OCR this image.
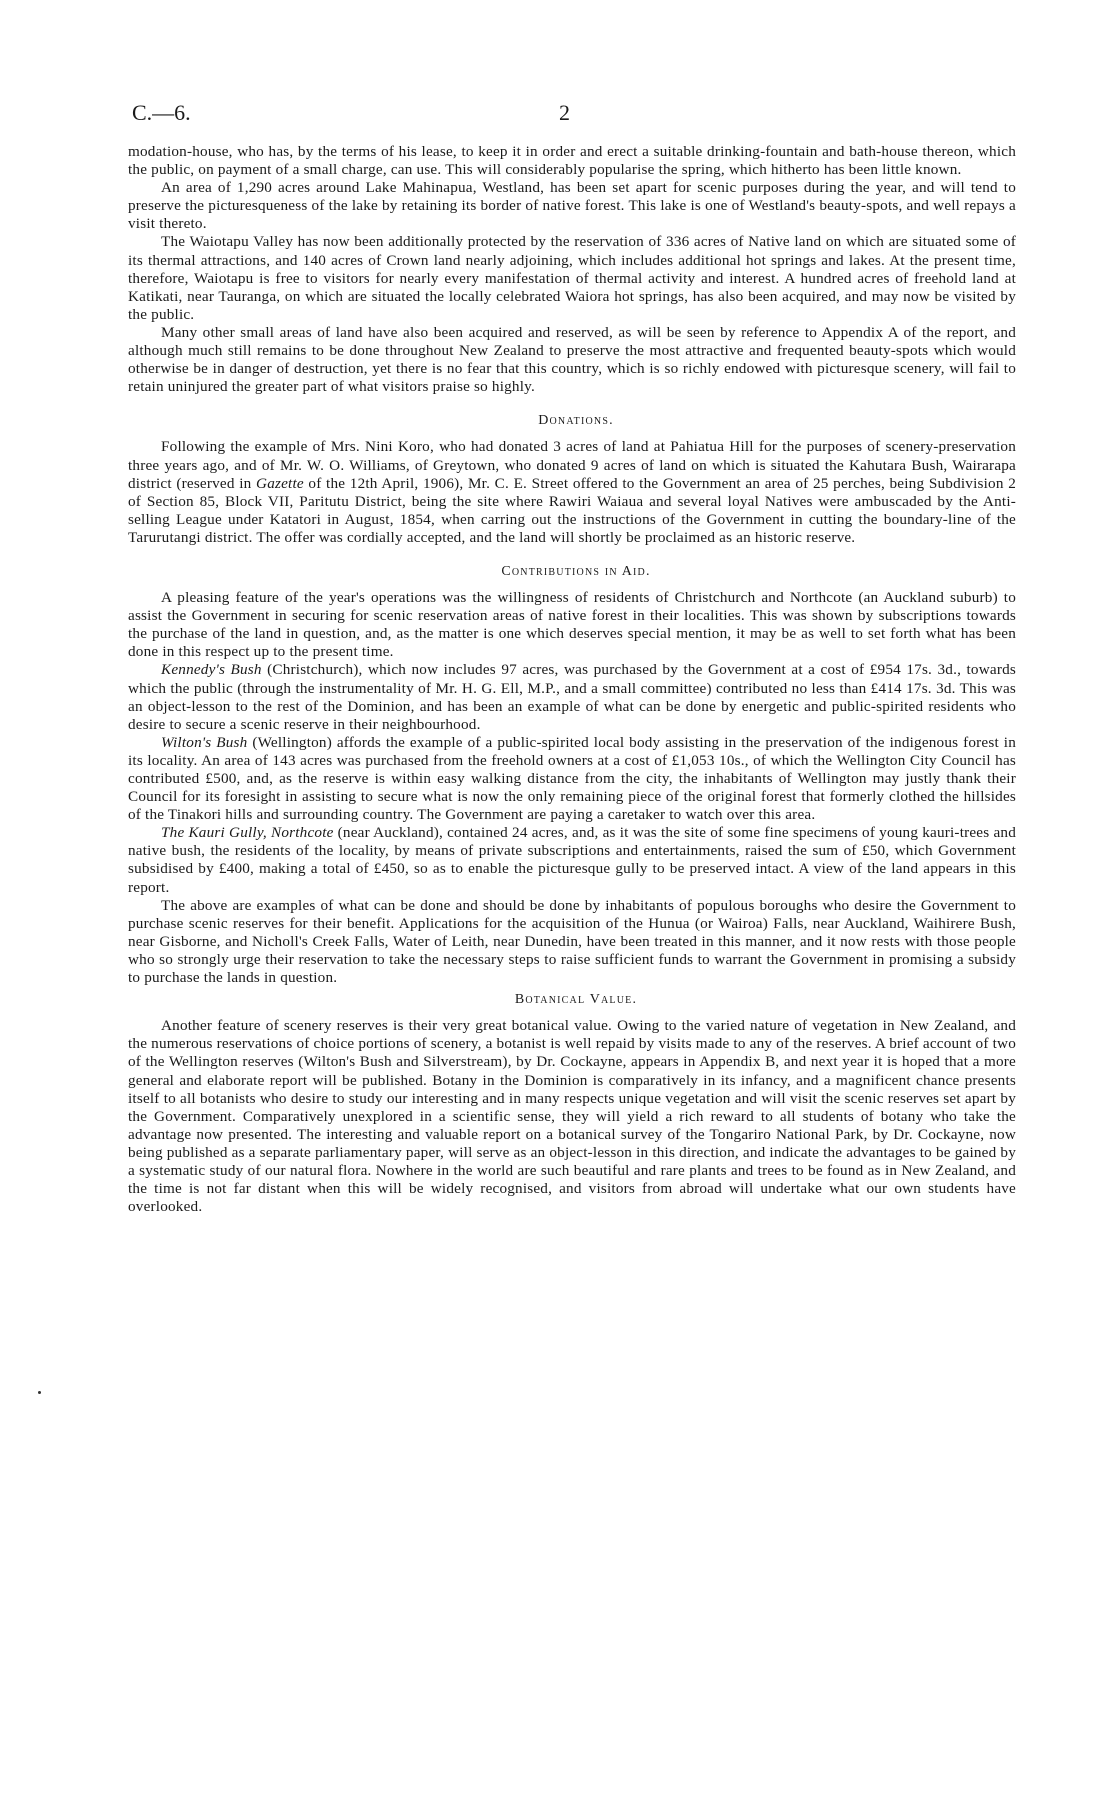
C.—6.	2

modation-house, who has, by the terms of his lease, to keep it in order and erect a suitable drinking-fountain and bath-house thereon, which the public, on payment of a small charge, can use. This will considerably popularise the spring, which hitherto has been little known.

An area of 1,290 acres around Lake Mahinapua, Westland, has been set apart for scenic purposes during the year, and will tend to preserve the picturesqueness of the lake by retaining its border of native forest. This lake is one of Westland's beauty-spots, and well repays a visit thereto.

The Waiotapu Valley has now been additionally protected by the reservation of 336 acres of Native land on which are situated some of its thermal attractions, and 140 acres of Crown land nearly adjoining, which includes additional hot springs and lakes. At the present time, therefore, Waiotapu is free to visitors for nearly every manifestation of thermal activity and interest. A hundred acres of freehold land at Katikati, near Tauranga, on which are situated the locally celebrated Waiora hot springs, has also been acquired, and may now be visited by the public.

Many other small areas of land have also been acquired and reserved, as will be seen by reference to Appendix A of the report, and although much still remains to be done throughout New Zealand to preserve the most attractive and frequented beauty-spots which would otherwise be in danger of destruction, yet there is no fear that this country, which is so richly endowed with picturesque scenery, will fail to retain uninjured the greater part of what visitors praise so highly.

Donations.

Following the example of Mrs. Nini Koro, who had donated 3 acres of land at Pahiatua Hill for the purposes of scenery-preservation three years ago, and of Mr. W. O. Williams, of Greytown, who donated 9 acres of land on which is situated the Kahutara Bush, Wairarapa district (reserved in Gazette of the 12th April, 1906), Mr. C. E. Street offered to the Government an area of 25 perches, being Subdivision 2 of Section 85, Block VII, Paritutu District, being the site where Rawiri Waiaua and several loyal Natives were ambuscaded by the Anti-selling League under Katatori in August, 1854, when carring out the instructions of the Government in cutting the boundary-line of the Tarurutangi district. The offer was cordially accepted, and the land will shortly be proclaimed as an historic reserve.

Contributions in Aid.

A pleasing feature of the year's operations was the willingness of residents of Christchurch and Northcote (an Auckland suburb) to assist the Government in securing for scenic reservation areas of native forest in their localities. This was shown by subscriptions towards the purchase of the land in question, and, as the matter is one which deserves special mention, it may be as well to set forth what has been done in this respect up to the present time.

Kennedy's Bush (Christchurch), which now includes 97 acres, was purchased by the Government at a cost of £954 17s. 3d., towards which the public (through the instrumentality of Mr. H. G. Ell, M.P., and a small committee) contributed no less than £414 17s. 3d. This was an object-lesson to the rest of the Dominion, and has been an example of what can be done by energetic and public-spirited residents who desire to secure a scenic reserve in their neighbourhood.

Wilton's Bush (Wellington) affords the example of a public-spirited local body assisting in the preservation of the indigenous forest in its locality. An area of 143 acres was purchased from the freehold owners at a cost of £1,053 10s., of which the Wellington City Council has contributed £500, and, as the reserve is within easy walking distance from the city, the inhabitants of Wellington may justly thank their Council for its foresight in assisting to secure what is now the only remaining piece of the original forest that formerly clothed the hillsides of the Tinakori hills and surrounding country. The Government are paying a caretaker to watch over this area.

The Kauri Gully, Northcote (near Auckland), contained 24 acres, and, as it was the site of some fine specimens of young kauri-trees and native bush, the residents of the locality, by means of private subscriptions and entertainments, raised the sum of £50, which Government subsidised by £400, making a total of £450, so as to enable the picturesque gully to be preserved intact. A view of the land appears in this report.

The above are examples of what can be done and should be done by inhabitants of populous boroughs who desire the Government to purchase scenic reserves for their benefit. Applications for the acquisition of the Hunua (or Wairoa) Falls, near Auckland, Waihirere Bush, near Gisborne, and Nicholl's Creek Falls, Water of Leith, near Dunedin, have been treated in this manner, and it now rests with those people who so strongly urge their reservation to take the necessary steps to raise sufficient funds to warrant the Government in promising a subsidy to purchase the lands in question.

Botanical Value.

Another feature of scenery reserves is their very great botanical value. Owing to the varied nature of vegetation in New Zealand, and the numerous reservations of choice portions of scenery, a botanist is well repaid by visits made to any of the reserves. A brief account of two of the Wellington reserves (Wilton's Bush and Silverstream), by Dr. Cockayne, appears in Appendix B, and next year it is hoped that a more general and elaborate report will be published. Botany in the Dominion is comparatively in its infancy, and a magnificent chance presents itself to all botanists who desire to study our interesting and in many respects unique vegetation and will visit the scenic reserves set apart by the Government. Comparatively unexplored in a scientific sense, they will yield a rich reward to all students of botany who take the advantage now presented. The interesting and valuable report on a botanical survey of the Tongariro National Park, by Dr. Cockayne, now being published as a separate parliamentary paper, will serve as an object-lesson in this direction, and indicate the advantages to be gained by a systematic study of our natural flora. Nowhere in the world are such beautiful and rare plants and trees to be found as in New Zealand, and the time is not far distant when this will be widely recognised, and visitors from abroad will undertake what our own students have overlooked.
